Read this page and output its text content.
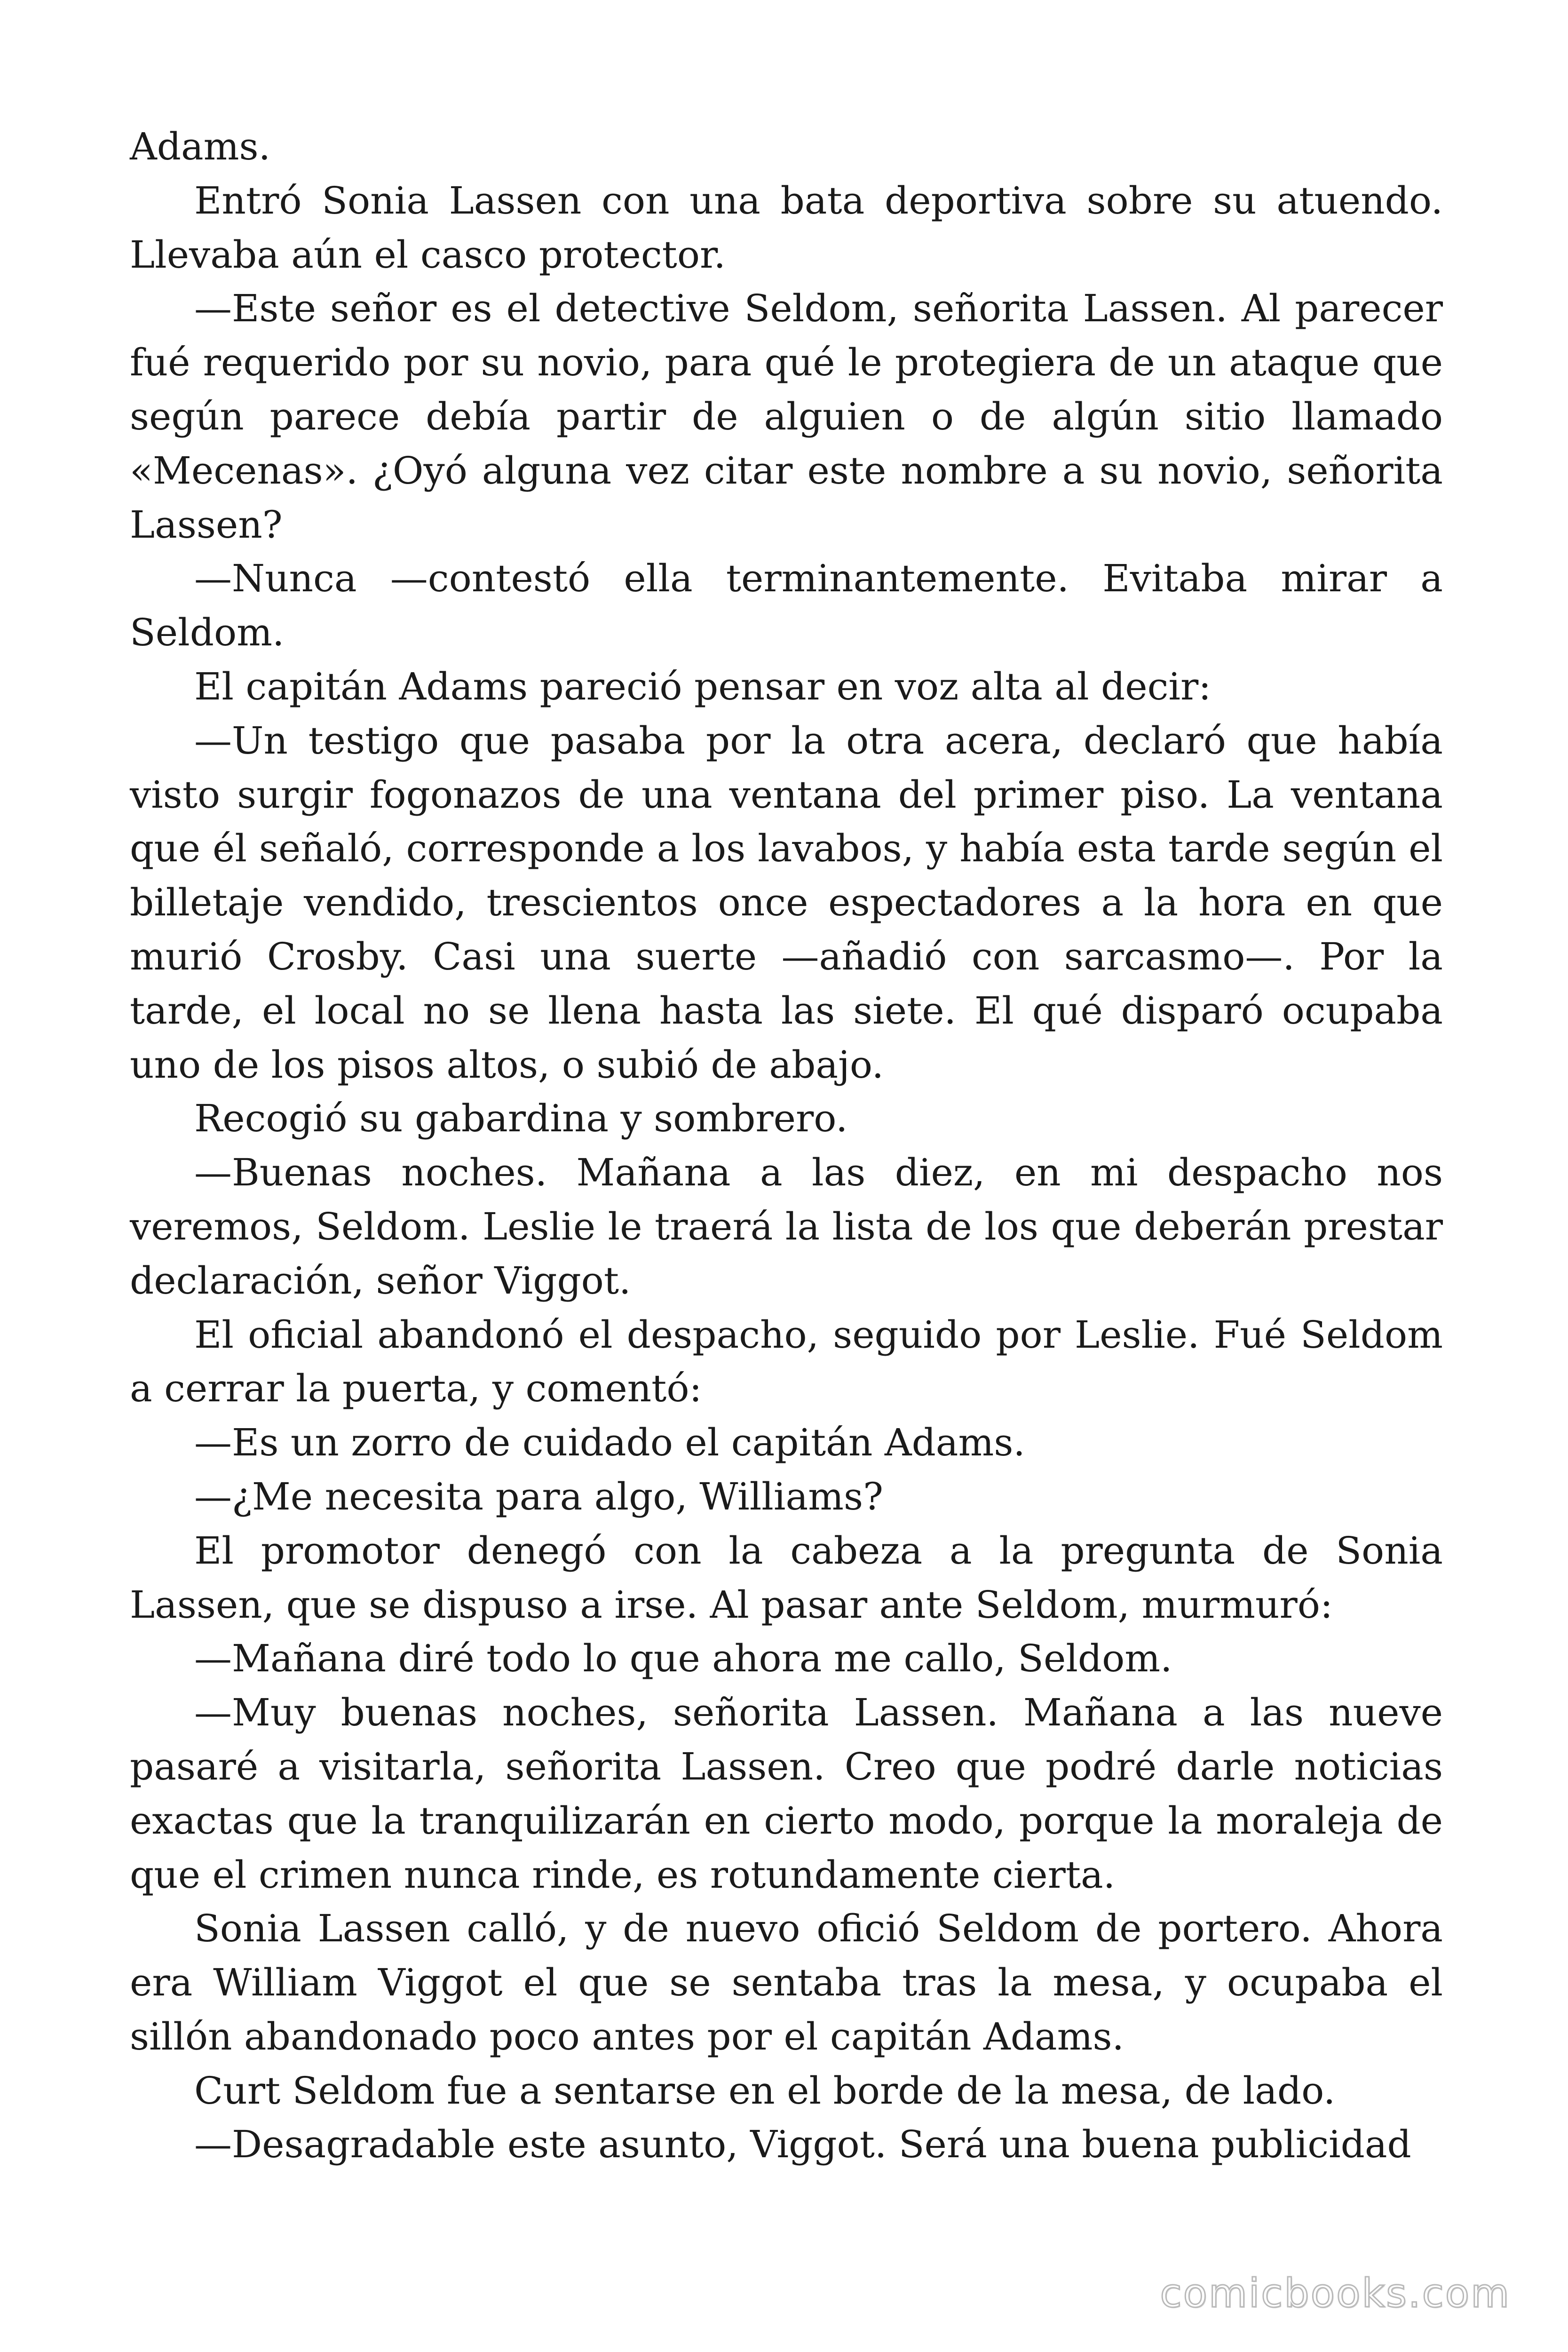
Adams.

Entró Sonia Lassen con una bata deportiva sobre su atuendo. Llevaba aún el casco protector.

—Este señor es el detective Seldom, señorita Lassen. Al parecer fué requerido por su novio, para qué le protegiera de un ataque que según parece debía partir de alguien o de algún sitio llamado «Mecenas». ¿Oyó alguna vez citar este nombre a su novio, señorita Lassen?

—Nunca —contestó ella terminantemente. Evitaba mirar a Seldom.

El capitán Adams pareció pensar en voz alta al decir:

—Un testigo que pasaba por la otra acera, declaró que había visto surgir fogonazos de una ventana del primer piso. La ventana que él señaló, corresponde a los lavabos, y había esta tarde según el billetaje vendido, trescientos once espectadores a la hora en que murió Crosby. Casi una suerte —añadió con sarcasmo—. Por la tarde, el local no se llena hasta las siete. El qué disparó ocupaba uno de los pisos altos, o subió de abajo.

Recogió su gabardina y sombrero.

—Buenas noches. Mañana a las diez, en mi despacho nos veremos, Seldom. Leslie le traerá la lista de los que deberán prestar declaración, señor Viggot.

El oficial abandonó el despacho, seguido por Leslie. Fué Seldom a cerrar la puerta, y comentó:

—Es un zorro de cuidado el capitán Adams.

—¿Me necesita para algo, Williams?

El promotor denegó con la cabeza a la pregunta de Sonia Lassen, que se dispuso a irse. Al pasar ante Seldom, murmuró:

—Mañana diré todo lo que ahora me callo, Seldom.

—Muy buenas noches, señorita Lassen. Mañana a las nueve pasaré a visitarla, señorita Lassen. Creo que podré darle noticias exactas que la tranquilizarán en cierto modo, porque la moraleja de que el crimen nunca rinde, es rotundamente cierta.

Sonia Lassen calló, y de nuevo ofició Seldom de portero. Ahora era William Viggot el que se sentaba tras la mesa, y ocupaba el sillón abandonado poco antes por el capitán Adams.

Curt Seldom fue a sentarse en el borde de la mesa, de lado.

—Desagradable este asunto, Viggot. Será una buena publicidad

comicbooks.com
